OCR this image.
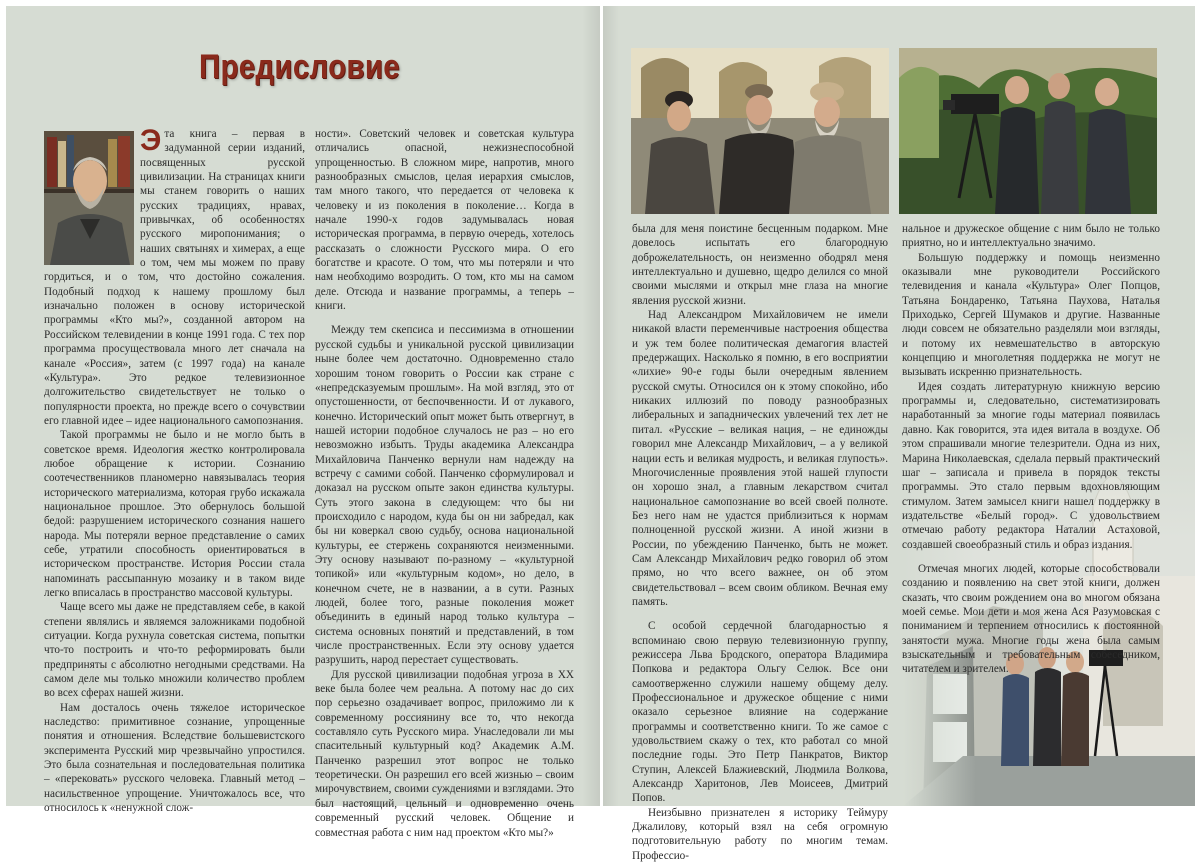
Предисловие

Эта книга – первая в задуманной серии изданий, посвященных русской цивилизации. На страницах книги мы станем говорить о наших русских традициях, нравах, привычках, об особенностях русского миропонимания; о наших святынях и химерах, а еще о том, чем мы можем по праву гордиться, и о том, что достойно сожаления. Подобный подход к нашему прошлому был изначально положен в основу исторической программы «Кто мы?», созданной автором на Российском телевидении в конце 1991 года. С тех пор программа просуществовала много лет сначала на канале «Россия», затем (с 1997 года) на канале «Культура». Это редкое телевизионное долгожительство свидетельствует не только о популярности проекта, но прежде всего о сочувствии его главной идее – идее национального самопознания.

Такой программы не было и не могло быть в советское время. Идеология жестко контролировала любое обращение к истории. Сознанию соотечественников планомерно навязывалась теория исторического материализма, которая грубо искажала национальное прошлое. Это обернулось большой бедой: разрушением исторического сознания нашего народа. Мы потеряли верное представление о самих себе, утратили способность ориентироваться в историческом пространстве. История России стала напоминать рассыпанную мозаику и в таком виде легко вписалась в пространство массовой культуры.

Чаще всего мы даже не представляем себе, в какой степени являлись и являемся заложниками подобной ситуации. Когда рухнула советская система, попытки что-то построить и что-то реформировать были предприняты с абсолютно негодными средствами. На самом деле мы только множили количество проблем во всех сферах нашей жизни.

Нам досталось очень тяжелое историческое наследство: примитивное сознание, упрощенные понятия и отношения. Вследствие большевистского эксперимента Русский мир чрезвычайно упростился. Это была сознательная и последовательная политика – «перековать» русского человека. Главный метод – насильственное упрощение. Уничтожалось все, что относилось к «ненужной слож-

ности». Советский человек и советская культура отличались опасной, нежизнеспособной упрощенностью. В сложном мире, напротив, много разнообразных смыслов, целая иерархия смыслов, там много такого, что передается от человека к человеку и из поколения в поколение… Когда в начале 1990-х годов задумывалась новая историческая программа, в первую очередь, хотелось рассказать о сложности Русского мира. О его богатстве и красоте. О том, что мы потеряли и что нам необходимо возродить. О том, кто мы на самом деле. Отсюда и название программы, а теперь – книги.

Между тем скепсиса и пессимизма в отношении русской судьбы и уникальной русской цивилизации ныне более чем достаточно. Одновременно стало хорошим тоном говорить о России как стране с «непредсказуемым прошлым». На мой взгляд, это от опустошенности, от беспочвенности. И от лукавого, конечно. Исторический опыт может быть отвергнут, в нашей истории подобное случалось не раз – но его невозможно избыть. Труды академика Александра Михайловича Панченко вернули нам надежду на встречу с самими собой. Панченко сформулировал и доказал на русском опыте закон единства культуры. Суть этого закона в следующем: что бы ни происходило с народом, куда бы он ни забредал, как бы ни коверкал свою судьбу, основа национальной культуры, ее стержень сохраняются неизменными. Эту основу называют по-разному – «культурной топикой» или «культурным кодом», но дело, в конечном счете, не в названии, а в сути. Разных людей, более того, разные поколения может объединить в единый народ только культура – система основных понятий и представлений, в том числе пространственных. Если эту основу удается разрушить, народ перестает существовать.

Для русской цивилизации подобная угроза в XX веке была более чем реальна. А потому нас до сих пор серьезно озадачивает вопрос, приложимо ли к современному россиянину все то, что некогда составляло суть Русского мира. Унаследовали ли мы спасительный культурный код? Академик А.М. Панченко разрешил этот вопрос не только теоретически. Он разрешил его всей жизнью – своим мирочувствием, своими суждениями и взглядами. Это был настоящий, цельный и одновременно очень современный русский человек. Общение и совместная работа с ним над проектом «Кто мы?»

была для меня поистине бесценным подарком. Мне довелось испытать его благородную доброжелательность, он неизменно ободрял меня интеллектуально и душевно, щедро делился со мной своими мыслями и открыл мне глаза на многие явления русской жизни.

Над Александром Михайловичем не имели никакой власти переменчивые настроения общества и уж тем более политическая демагогия властей предержащих. Насколько я помню, в его восприятии «лихие» 90-е годы были очередным явлением русской смуты. Относился он к этому спокойно, ибо никаких иллюзий по поводу разнообразных либеральных и западнических увлечений тех лет не питал. «Русские – великая нация, – не единожды говорил мне Александр Михайлович, – а у великой нации есть и великая мудрость, и великая глупость». Многочисленные проявления этой нашей глупости он хорошо знал, а главным лекарством считал национальное самопознание во всей своей полноте. Без него нам не удастся приблизиться к нормам полноценной русской жизни. А иной жизни в России, по убеждению Панченко, быть не может. Сам Александр Михайлович редко говорил об этом прямо, но что всего важнее, он об этом свидетельствовал – всем своим обликом. Вечная ему память.

С особой сердечной благодарностью я вспоминаю свою первую телевизионную группу, режиссера Льва Бродского, оператора Владимира Попкова и редактора Ольгу Селюк. Все они самоотверженно служили нашему общему делу. Профессиональное и дружеское общение с ними оказало серьезное влияние на содержание программы и соответственно книги. То же самое с удовольствием скажу о тех, кто работал со мной последние годы. Это Петр Панкратов, Виктор Ступин, Алексей Блажиевский, Людмила Волкова, Александр Харитонов, Лев Моисеев, Дмитрий Попов.

Неизбывно признателен я историку Теймуру Джалилову, который взял на себя огромную подготовительную работу по многим темам. Профессио-

нальное и дружеское общение с ним было не только приятно, но и интеллектуально значимо.

Большую поддержку и помощь неизменно оказывали мне руководители Российского телевидения и канала «Культура» Олег Попцов, Татьяна Бондаренко, Татьяна Паухова, Наталья Приходько, Сергей Шумаков и другие. Названные люди совсем не обязательно разделяли мои взгляды, и потому их невмешательство в авторскую концепцию и многолетняя поддержка не могут не вызывать искренню признательность.

Идея создать литературную книжную версию программы и, следовательно, систематизировать наработанный за многие годы материал появилась давно. Как говорится, эта идея витала в воздухе. Об этом спрашивали многие телезрители. Одна из них, Марина Николаевская, сделала первый практический шаг – записала и привела в порядок тексты программы. Это стало первым вдохновляющим стимулом. Затем замысел книги нашел поддержку в издательстве «Белый город». С удовольствием отмечаю работу редактора Наталии Астаховой, создавшей своеобразный стиль и образ издания.

Отмечая многих людей, которые способствовали созданию и появлению на свет этой книги, должен сказать, что своим рождением она во многом обязана моей семье. Мои дети и моя жена Ася Разумовская с пониманием и терпением относились к постоянной занятости мужа. Многие годы жена была самым взыскательным и требовательным собеседником, читателем и зрителем.
